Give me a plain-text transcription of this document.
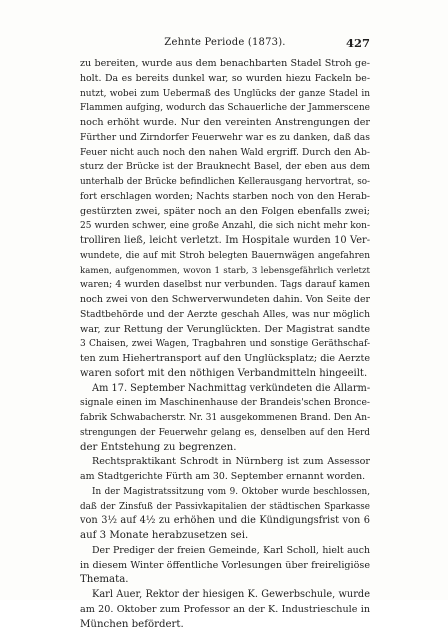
Zehnte Periode (1873).	427
zu bereiten, wurde aus dem benachbarten Stadel Stroh ge-
holt. Da es bereits dunkel war, so wurden hiezu Fackeln be-
nutzt, wobei zum Uebermaß des Unglücks der ganze Stadel in
Flammen aufging, wodurch das Schauerliche der Jammerscene
noch erhöht wurde. Nur den vereinten Anstrengungen der
Fürther und Zirndorfer Feuerwehr war es zu danken, daß das
Feuer nicht auch noch den nahen Wald ergriff. Durch den Ab-
sturz der Brücke ist der Brauknecht Basel, der eben aus dem
unterhalb der Brücke befindlichen Kellerausgang hervortrat, so-
fort erschlagen worden; Nachts starben noch von den Herab-
gestürzten zwei, später noch an den Folgen ebenfalls zwei;
25 wurden schwer, eine große Anzahl, die sich nicht mehr kon-
trolliren ließ, leicht verletzt. Im Hospitale wurden 10 Ver-
wundete, die auf mit Stroh belegten Bauernwägen angefahren
kamen, aufgenommen, wovon 1 starb, 3 lebensgefährlich verletzt
waren; 4 wurden daselbst nur verbunden. Tags darauf kamen
noch zwei von den Schwerverwundeten dahin. Von Seite der
Stadtbehörde und der Aerzte geschah Alles, was nur möglich
war, zur Rettung der Verunglückten. Der Magistrat sandte
3 Chaisen, zwei Wagen, Tragbahren und sonstige Geräthschaf-
ten zum Hiehertransport auf den Unglücksplatz; die Aerzte
waren sofort mit den nöthigen Verbandmitteln hingeeilt.
Am 17. September Nachmittag verkündeten die Allarm-
signale einen im Maschinenhause der Brandeis'schen Bronce-
fabrik Schwabacherstr. Nr. 31 ausgekommenen Brand. Den An-
strengungen der Feuerwehr gelang es, denselben auf den Herd
der Entstehung zu begrenzen.
Rechtspraktikant Schrodt in Nürnberg ist zum Assessor
am Stadtgerichte Fürth am 30. September ernannt worden.
In der Magistratssitzung vom 9. Oktober wurde beschlossen,
daß der Zinsfuß der Passivkapitalien der städtischen Sparkasse
von 3½ auf 4½ zu erhöhen und die Kündigungsfrist von 6
auf 3 Monate herabzusetzen sei.
Der Prediger der freien Gemeinde, Karl Scholl, hielt auch
in diesem Winter öffentliche Vorlesungen über freireligiöse
Themata.
Karl Auer, Rektor der hiesigen K. Gewerbschule, wurde
am 20. Oktober zum Professor an der K. Industrieschule in
München befördert.
